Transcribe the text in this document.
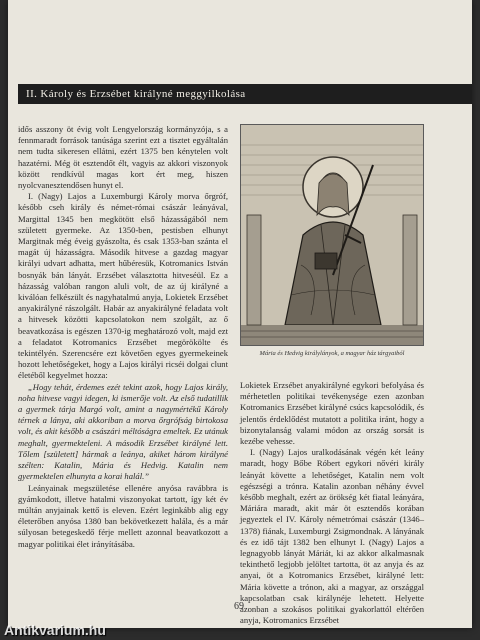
II. Károly és Erzsébet királyné meggyilkolása

idős asszony öt évig volt Lengyelország kormányzója, s a fennmaradt források tanúsága szerint ezt a tisztet egyáltalán nem tudta sikeresen ellátni, ezért 1375 ben kénytelen volt hazatérni. Még öt esztendőt élt, vagyis az akkori viszonyok között rendkívül magas kort ért meg, hiszen nyolcvanesztendősen hunyt el.

I. (Nagy) Lajos a Luxemburgi Károly morva őrgróf, később cseh király és német-római császár leányával, Margittal 1345 ben megkötött első házasságából nem született gyermeke. Az 1350-ben, pestisben elhunyt Margitnak még éveig gyászolta, és csak 1353-ban szánta el magát új házasságra. Második hitvese a gazdag magyar királyi udvart adhatta, mert hűbéresük, Kotromanics István bosnyák bán lányát. Erzsébet választotta hitveséül. Ez a házasság valóban rangon aluli volt, de az új királyné a kiválóan felkészült és nagyhatalmú anyja, Lokietek Erzsébet anyakirályné rászolgált. Habár az anyakirályné feladata volt a hitvesek közötti kapcsolatokon nem szolgált, az ő beavatkozása is egészen 1370-ig meghatározó volt, majd ezt a feladatot Kotromanics Erzsébet megörökölte és tekintélyén. Szerencsére ezt követően egyes gyermekeinek hozott lehetőségeket, hogy a Lajos királyi ricséi dolgai clunt életéből kegyelmet hozza:

„Hogy tehát, érdemes ezét tekint azok, hogy Lajos király, noha hitvese vagyi idegen, ki ismerője volt. Az első tudatillik a gyermek tárja Margó volt, amint a nagymértékű Károly térnek a lánya, aki akkoriban a morva őrgrófság birtokosa volt, és akit később a császári méltóságra emeltek. Ez utánuk meghalt, gyermekteleni. A második Erzsébet királyné lett. Tőlem [született] hármak a leánya, akiket három királyné szélten: Katalin, Mária és Hedvig. Katalin nem gyermektelen elhunyta a korai halál.”

Leányainak megszületése ellenére anyósa ravábbra is gyámkodott, illetve hatalmi viszonyokat tartott, így két év múltán anyjainak kettő is eleven. Ezért leginkább alig egy életerőben anyósa 1380 ban bekövetkezett halála, és a már súlyosan betegeskedő férje mellett azonnal beavatkozott a magyar politikai élet irányításába.

Mária és Hedvig királylányok, a magyar ház tárgyaiból

Lokietek Erzsébet anyakirályné egykori befolyása és mérhetetlen politikai tevékenysége ezen azonban Kotromanics Erzsébet királyné csúcs kapcsolódik, és jelentős érdeklődést mutatott a politika iránt, hogy a bizonytalanság valami módon az ország sorsát is kezébe vehesse.

I. (Nagy) Lajos uralkodásának végén két leány maradt, hogy Bőbe Róbert egykori nővéri király leányát követte a lehetőséget, Katalin nem volt egészségi a trónra. Katalin azonban néhány évvel később meghalt, ezért az örökség két fiatal leányára, Máriára maradt, akit már öt esztendős korában jegyeztek el IV. Károly németrómai császár (1346–1378) fiának, Luxemburgi Zsigmondnak. A lányának és ez idő tájt 1382 ben elhunyt I. (Nagy) Lajos a legnagyobb lányát Máriát, ki az akkor alkalmasnak tekinthető legjobb jelöltet tartotta, öt az anyja és az anyai, öt a Kotromanics Erzsébet, királyné lett: Mária követte a trónon, aki a magyar, az országgal kapcsolatban csak királynéje lehetett. Helyette azonban a szokásos politikai gyakorlattól eltérően anyja, Kotromanics Erzsébet

69
Antikvarium.hu
